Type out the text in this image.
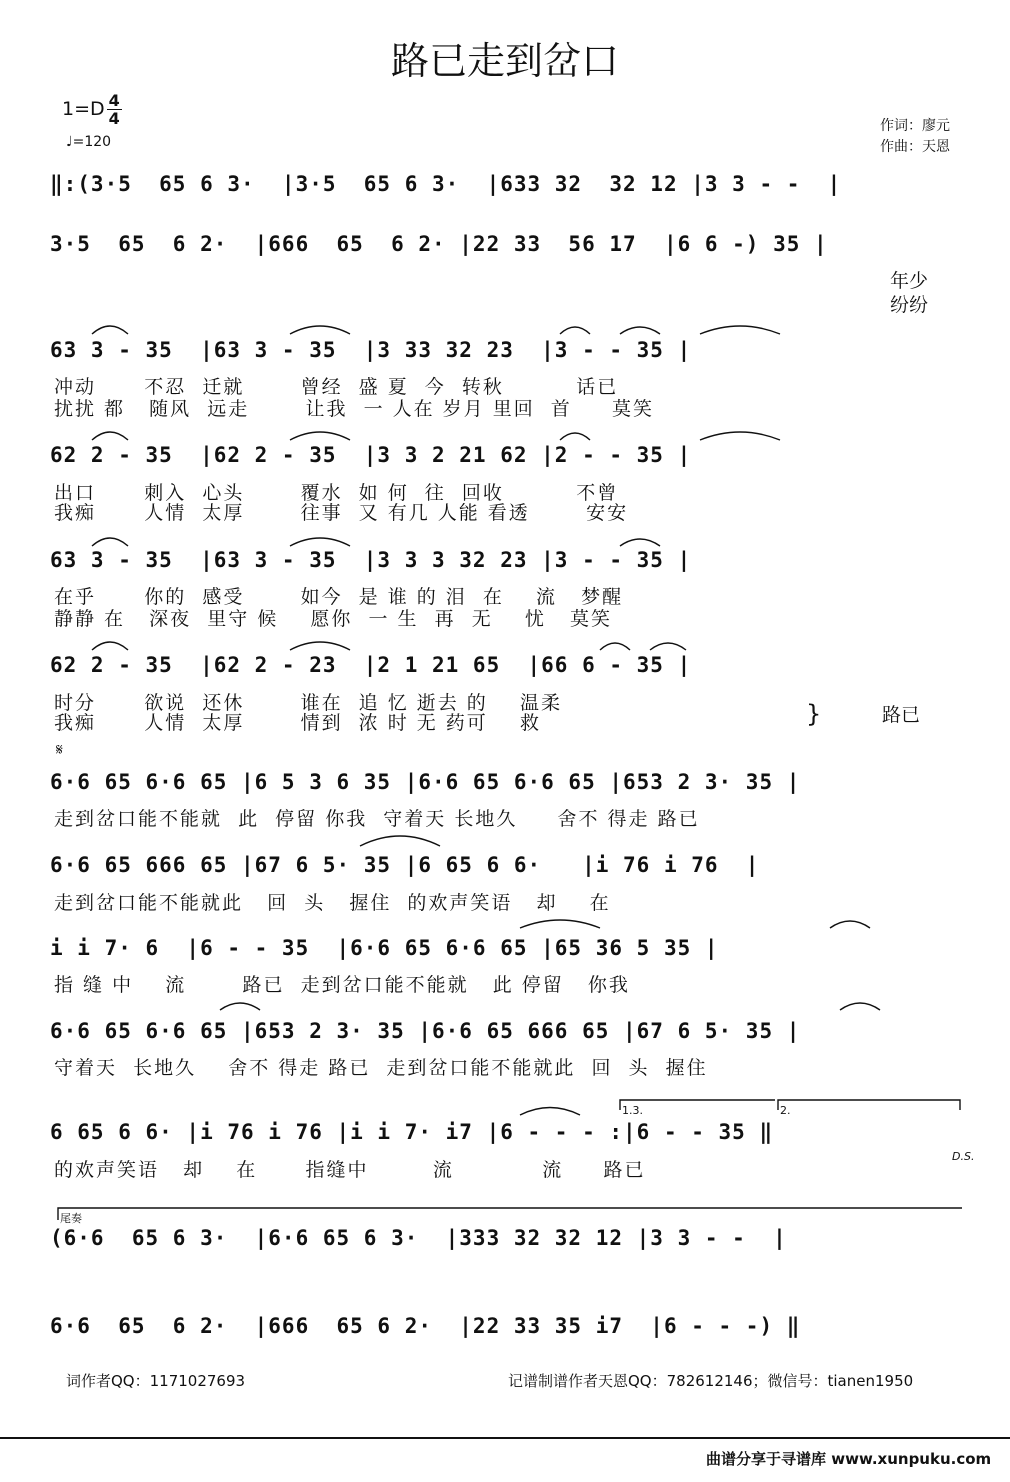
路已走到岔口
$1=D \frac{4}{4}$
♩=120
作词：廖元
作曲：天恩
‖:(3·5  65 6 3·  |3·5  65 6 3·  |633 32  32 12 |3 3 - -  |
3·5  65  6 2·  |666  65  6 2· |22 33  56 17  |6 6 -) 35 |
年少
纷纷
63 3 - 35  |63 3 - 35  |3 33 32 23  |3 - - 35 |
冲动      不忍  迁就       曾经  盛 夏  今  转秋         话已
扰扰 都   随风  远走       让我  一 人在 岁月 里回  首     莫笑
62 2 - 35  |62 2 - 35  |3 3 2 21 62 |2 - - 35 |
出口      刺入  心头       覆水  如 何  往  回收         不曾
我痴      人情  太厚       往事  又 有几 人能 看透       安安
63 3 - 35  |63 3 - 35  |3 3 3 32 23 |3 - - 35 |
在乎      你的  感受       如今  是 谁 的 泪  在    流   梦醒
静静 在   深夜  里守 候    愿你  一 生  再  无    忧   莫笑
62 2 - 35  |62 2 - 23  |2 1 21 65  |66 6 - 35 |
时分      欲说  还休       谁在  追 忆 逝去 的    温柔
我痴      人情  太厚       情到  浓 时 无 药可    救	}	路已
𝄋
6·6 65 6·6 65 |6 5 3 6 35 |6·6 65 6·6 65 |653 2 3· 35 |
走到岔口能不能就  此  停留 你我  守着天 长地久     舍不 得走 路已
6·6 65 666 65 |67 6 5· 35 |6 65 6 6·   |i 76 i 76  |
走到岔口能不能就此   回  头   握住  的欢声笑语   却    在
i i 7· 6  |6 - - 35  |6·6 65 6·6 65 |65 36 5 35 |
指 缝 中    流       路已  走到岔口能不能就   此 停留   你我
6·6 65 6·6 65 |653 2 3· 35 |6·6 65 666 65 |67 6 5· 35 |
守着天  长地久    舍不 得走 路已  走到岔口能不能就此  回  头  握住
1.3.	2.
6 65 6 6· |i 76 i 76 |i i 7· i7 |6 - - - :|6 - - 35 ‖
的欢声笑语   却    在      指缝中        流           流     路已
D.S.
尾奏
(6·6  65 6 3·  |6·6 65 6 3·  |333 32 32 12 |3 3 - -  |
6·6  65  6 2·  |666  65 6 2·  |22 33 35 i7  |6 - - -) ‖
词作者QQ：1171027693	记谱制谱作者天恩QQ：782612146；微信号：tianen1950
曲谱分享于寻谱库 www.xunpuku.com
